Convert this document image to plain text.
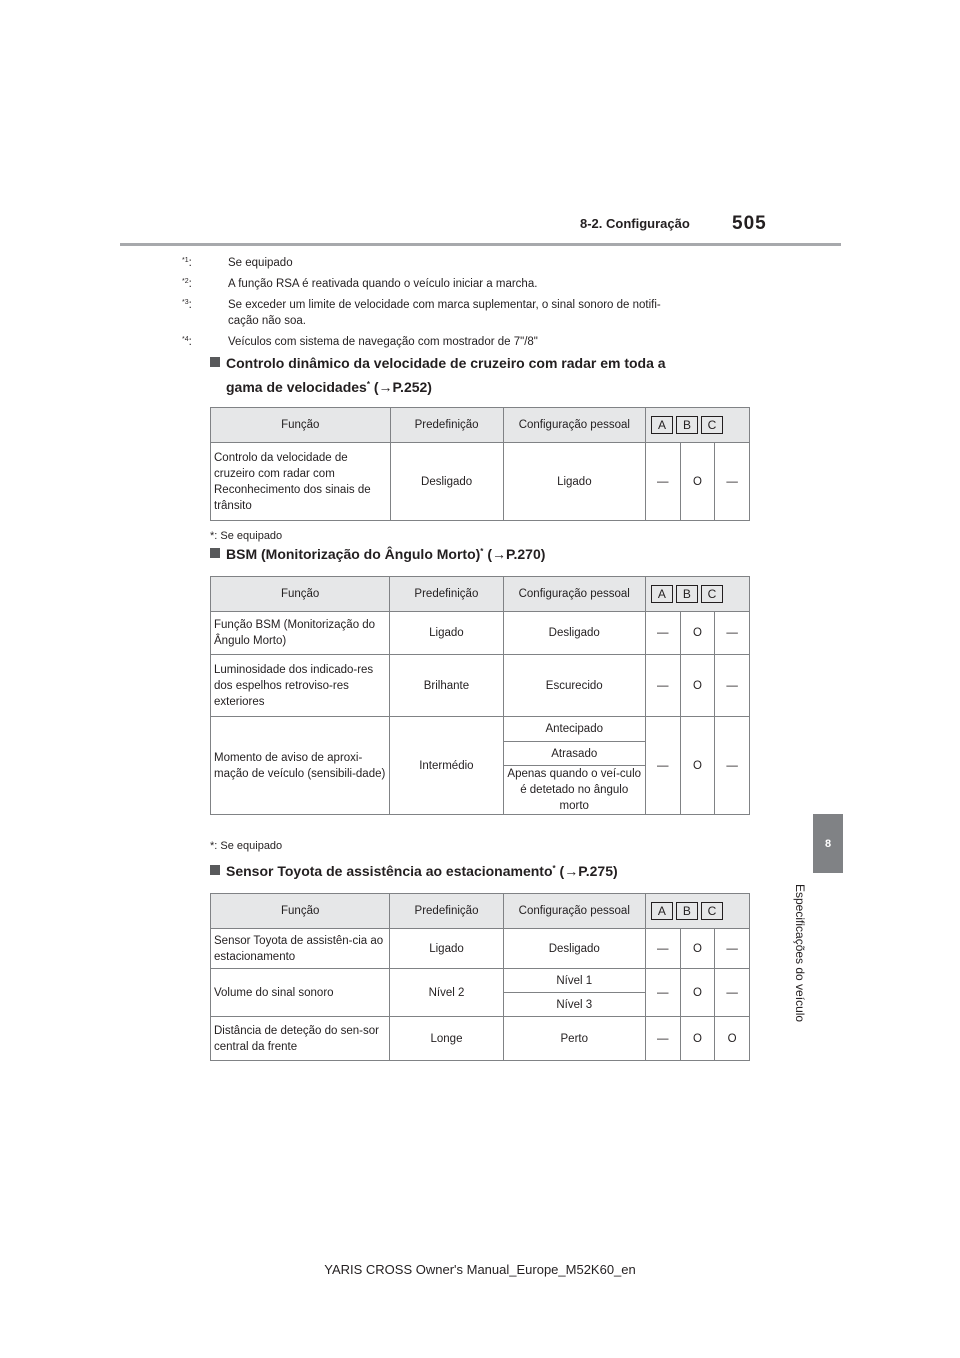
8-2. Configuração 505
8
Especificações do veículo
$^{*1}$:	Se equipado
$^{*2}$:	A função RSA é reativada quando o veículo iniciar a marcha.
$^{*3}$:	Se exceder um limite de velocidade com marca suplementar, o sinal sonoro de notifi-
cação não soa.
$^{*4}$:	Veículos com sistema de navegação com mostrador de 7"/8"
Controlo dinâmico da velocidade de cruzeiro com radar em toda a
gama de velocidades* (→P.252)
Função	Predefinição	Configuração pessoal	A B C		

Controlo da velocidade de cruzeiro com radar com Reconhecimento dos sinais de trânsito	Desligado	Ligado	—	O	—
*: Se equipado
BSM (Monitorização do Ângulo Morto)* (→P.270)
Função	Predefinição	Configuração pessoal	A B C		

Função BSM (Monitorização do Ângulo Morto)	Ligado	Desligado	—	O	—
Luminosidade dos indicado-res dos espelhos retroviso-res exteriores	Brilhante	Escurecido	—	O	—
Momento de aviso de aproxi-mação de veículo (sensibili-dade)	Intermédio	Antecipado	—	O	—
		Atrasado			
		Apenas quando o veí-culo é detetado no ângulo morto			
*: Se equipado
Sensor Toyota de assistência ao estacionamento* (→P.275)
Função	Predefinição	Configuração pessoal	A B C		

Sensor Toyota de assistên-cia ao estacionamento	Ligado	Desligado	—	O	—
Volume do sinal sonoro	Nível 2	Nível 1	—	O	—
		Nível 3			
Distância de deteção do sen-sor central da frente	Longe	Perto	—	O	O
YARIS CROSS Owner's Manual_Europe_M52K60_en
